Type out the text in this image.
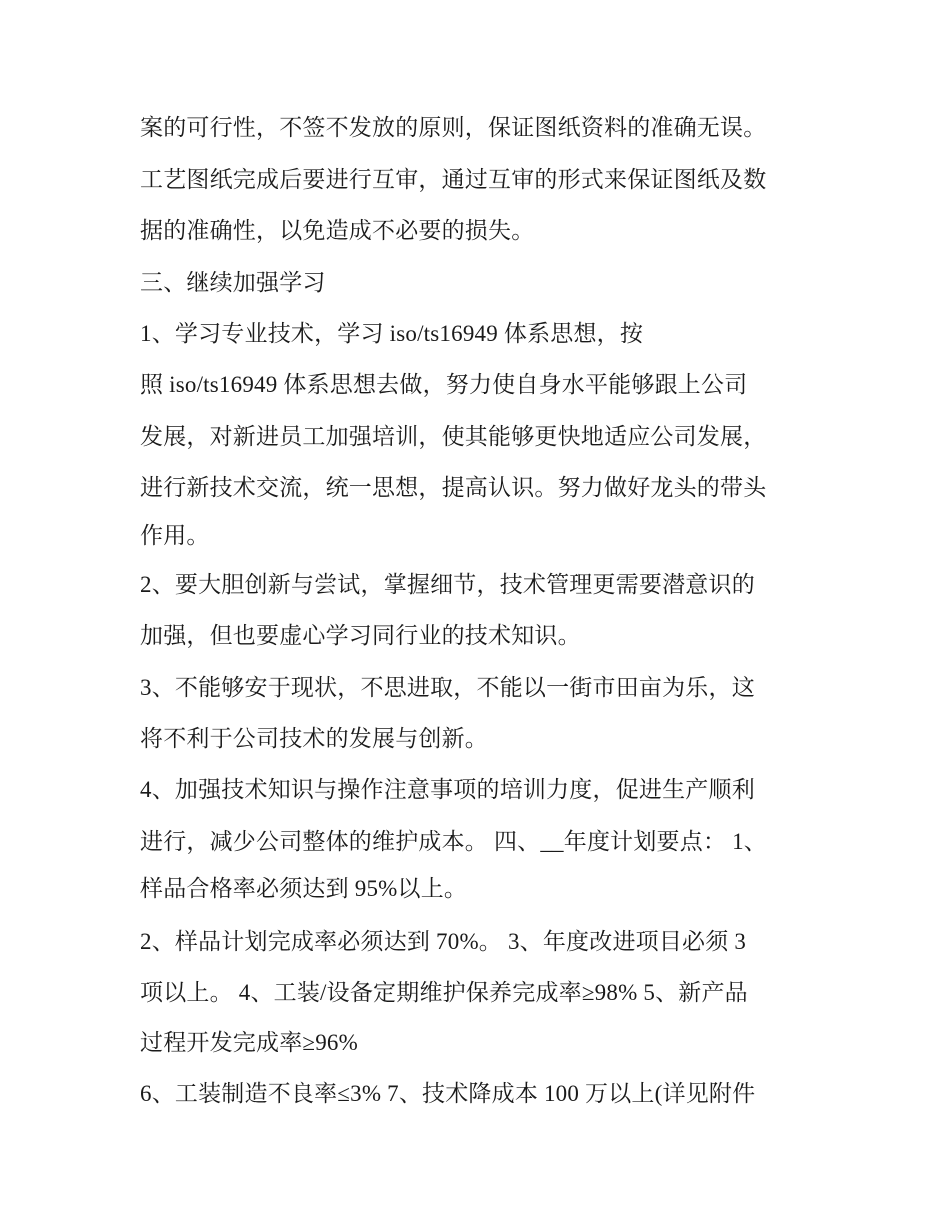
案的可行性，不签不发放的原则，保证图纸资料的准确无误。
工艺图纸完成后要进行互审，通过互审的形式来保证图纸及数
据的准确性，以免造成不必要的损失。
三、继续加强学习
1、学习专业技术，学习 iso/ts16949 体系思想，按
照 iso/ts16949 体系思想去做，努力使自身水平能够跟上公司
发展，对新进员工加强培训，使其能够更快地适应公司发展，
进行新技术交流，统一思想，提高认识。努力做好龙头的带头
作用。
2、要大胆创新与尝试，掌握细节，技术管理更需要潜意识的
加强，但也要虚心学习同行业的技术知识。
3、不能够安于现状，不思进取，不能以一街市田亩为乐，这
将不利于公司技术的发展与创新。
4、加强技术知识与操作注意事项的培训力度，促进生产顺利
进行，减少公司整体的维护成本。 四、__年度计划要点： 1、
样品合格率必须达到 95%以上。
2、样品计划完成率必须达到 70%。 3、年度改进项目必须 3
项以上。 4、工装/设备定期维护保养完成率≥98% 5、新产品
过程开发完成率≥96%
6、工装制造不良率≤3% 7、技术降成本 100 万以上(详见附件
